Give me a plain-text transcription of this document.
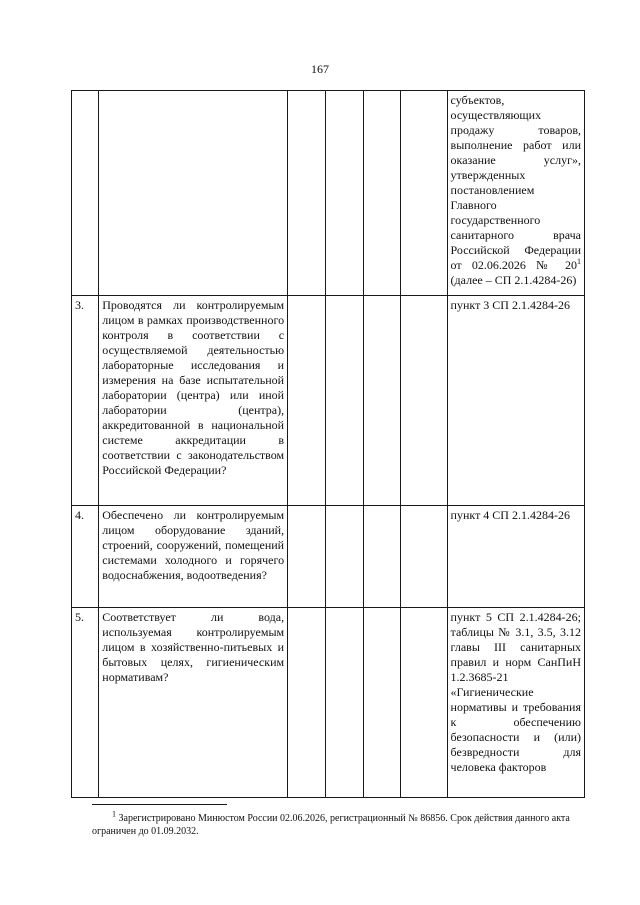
167
						субъектов, осуществляющих продажу товаров, выполнение работ или оказание услуг», утвержденных постановлением Главного государственного санитарного врача Российской Федерации от 02.06.2026 № $20^1$ (далее – СП 2.1.4284-26)
3.	Проводятся ли контролируемым лицом в рамках производственного контроля в соответствии с осуществляемой деятельностью лабораторные исследования и измерения на базе испытательной лаборатории (центра) или иной лаборатории (центра), аккредитованной в национальной системе аккредитации в соответствии с законодательством Российской Федерации?					пункт 3 СП 2.1.4284-26
4.	Обеспечено ли контролируемым лицом оборудование зданий, строений, сооружений, помещений системами холодного и горячего водоснабжения, водоотведения?					пункт 4 СП 2.1.4284-26
5.	Соответствует ли вода, используемая контролируемым лицом в хозяйственно-питьевых и бытовых целях, гигиеническим нормативам?					пункт 5 СП 2.1.4284-26; таблицы № 3.1, 3.5, 3.12 главы III санитарных правил и норм СанПиН 1.2.3685-21 «Гигиенические нормативы и требования к обеспечению безопасности и (или) безвредности для человека факторов
$^1$ Зарегистрировано Минюстом России 02.06.2026, регистрационный № 86856. Срок действия данного акта ограничен до 01.09.2032.
